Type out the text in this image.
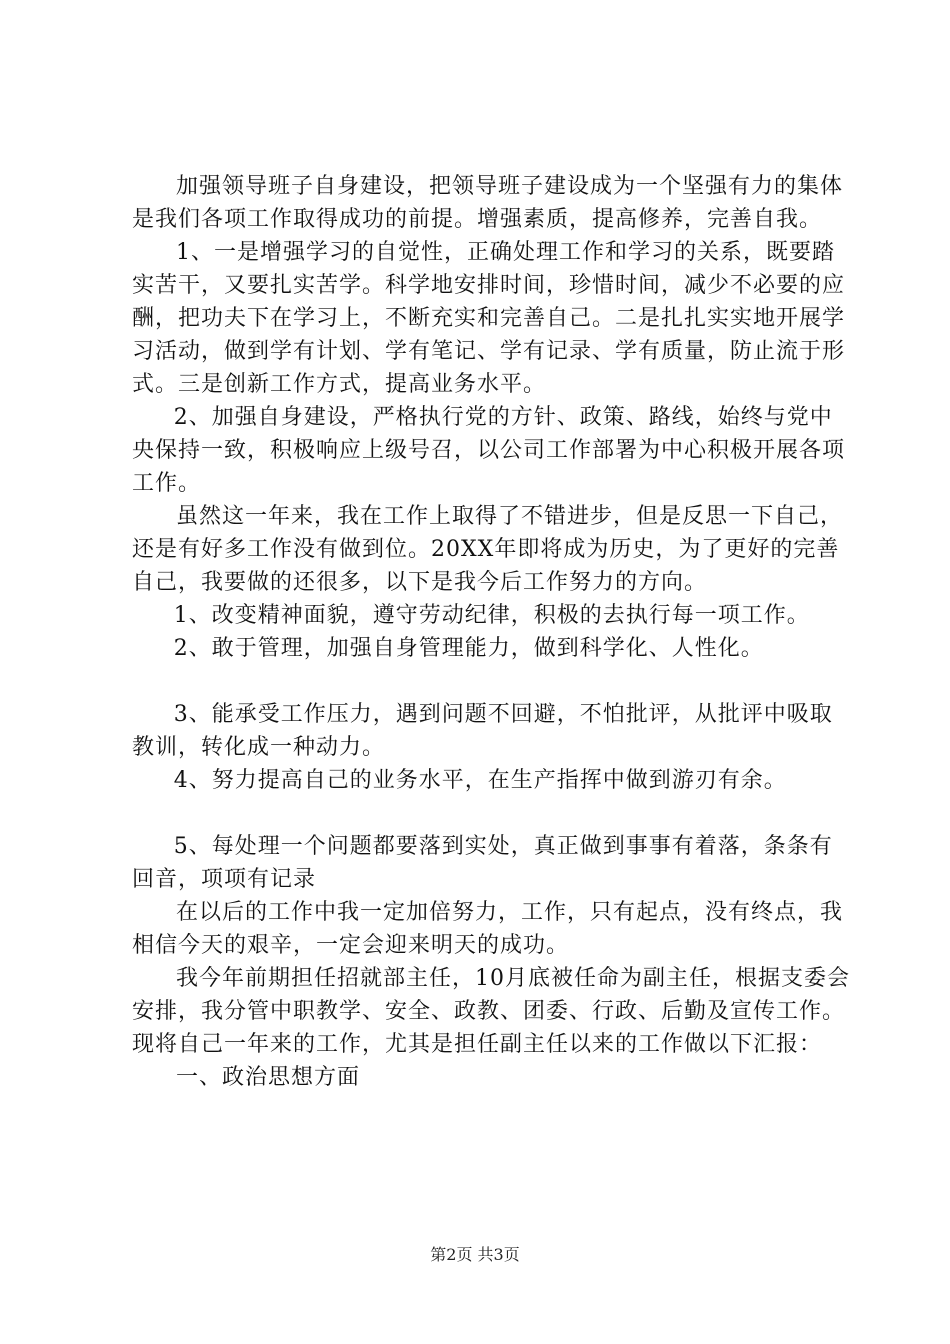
加强领导班子自身建设，把领导班子建设成为一个坚强有力的集体是我们各项工作取得成功的前提。增强素质，提高修养，完善自我。

1、一是增强学习的自觉性，正确处理工作和学习的关系，既要踏实苦干，又要扎实苦学。科学地安排时间，珍惜时间，减少不必要的应酬，把功夫下在学习上，不断充实和完善自己。二是扎扎实实地开展学习活动，做到学有计划、学有笔记、学有记录、学有质量，防止流于形式。三是创新工作方式，提高业务水平。

2、加强自身建设，严格执行党的方针、政策、路线，始终与党中央保持一致，积极响应上级号召，以公司工作部署为中心积极开展各项工作。

虽然这一年来，我在工作上取得了不错进步，但是反思一下自己，还是有好多工作没有做到位。20XX年即将成为历史，为了更好的完善自己，我要做的还很多，以下是我今后工作努力的方向。

1、改变精神面貌，遵守劳动纪律，积极的去执行每一项工作。

2、敢于管理，加强自身管理能力，做到科学化、人性化。

3、能承受工作压力，遇到问题不回避，不怕批评，从批评中吸取教训，转化成一种动力。

4、努力提高自己的业务水平，在生产指挥中做到游刃有余。

5、每处理一个问题都要落到实处，真正做到事事有着落，条条有回音，项项有记录

在以后的工作中我一定加倍努力，工作，只有起点，没有终点，我相信今天的艰辛，一定会迎来明天的成功。

我今年前期担任招就部主任，10月底被任命为副主任，根据支委会安排，我分管中职教学、安全、政教、团委、行政、后勤及宣传工作。现将自己一年来的工作，尤其是担任副主任以来的工作做以下汇报：

一、政治思想方面

第2页 共3页
